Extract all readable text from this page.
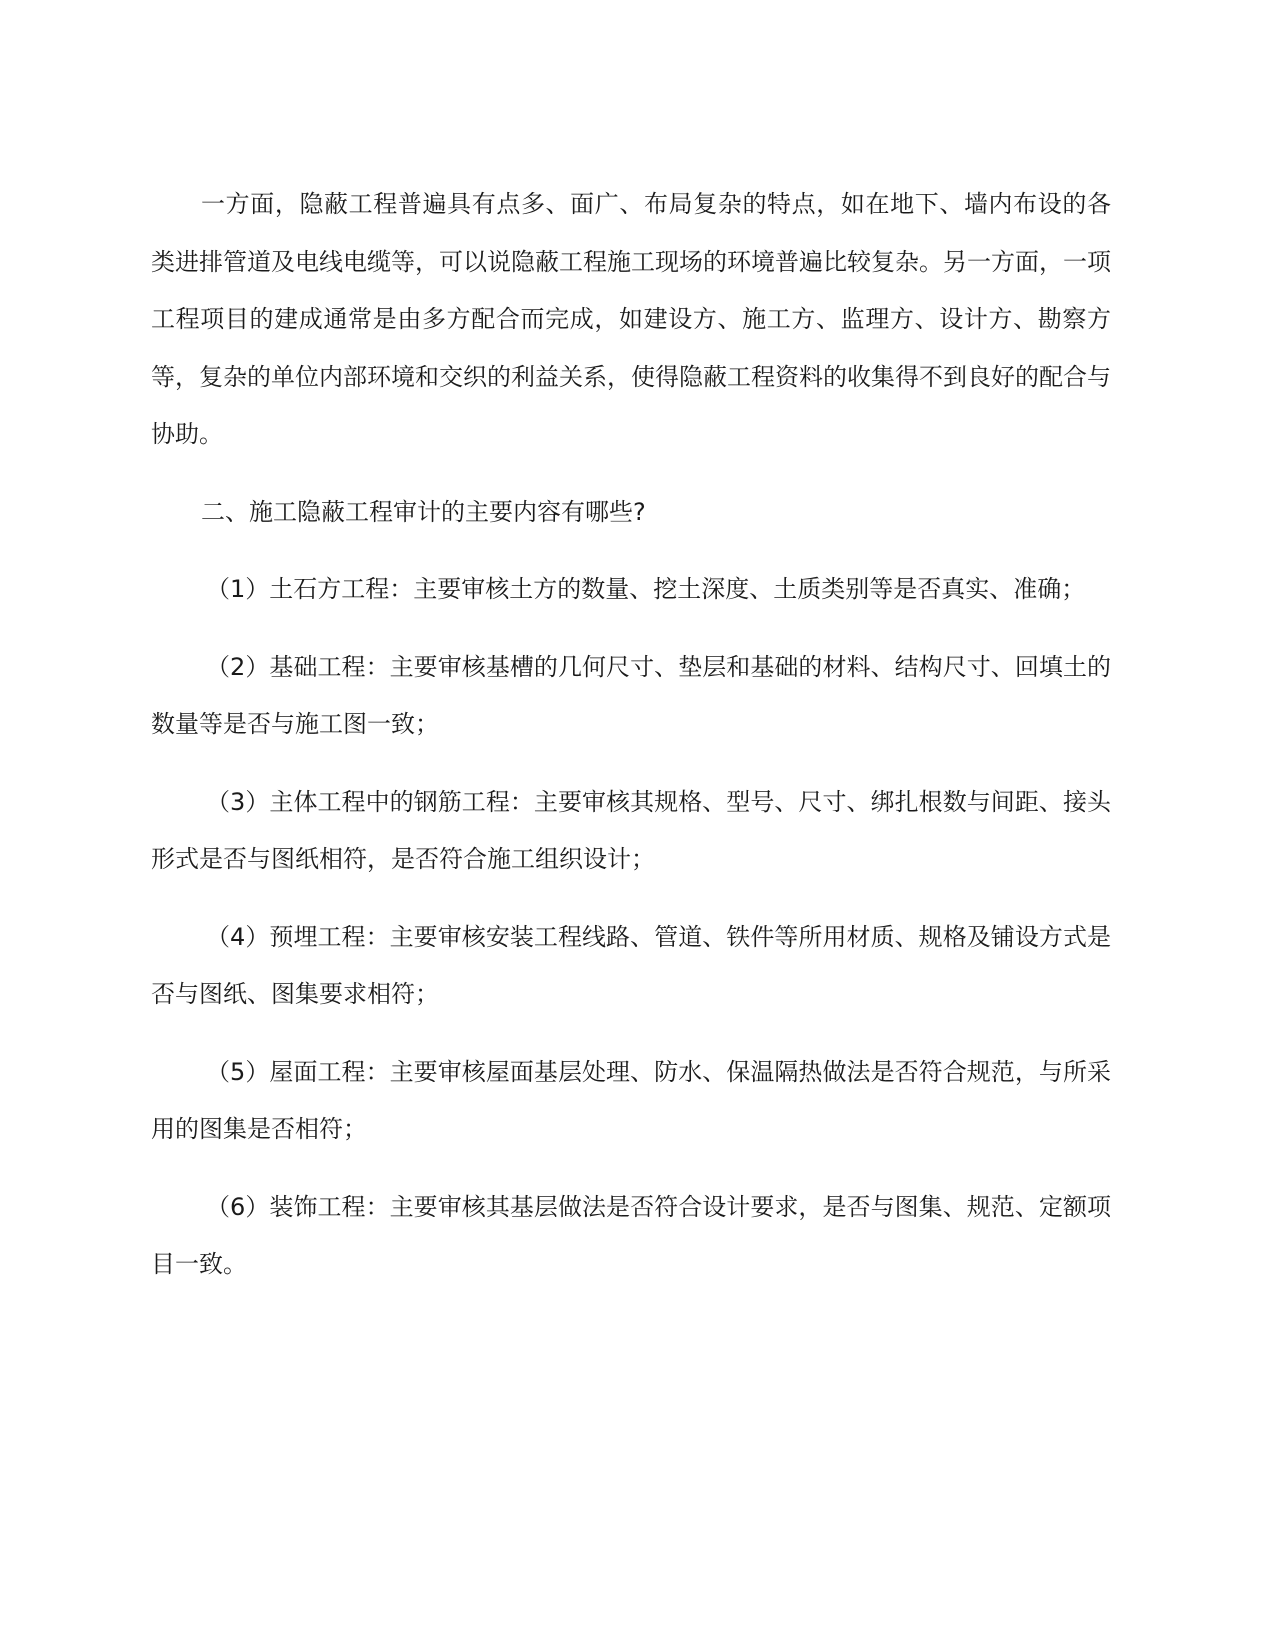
一方面，隐蔽工程普遍具有点多、面广、布局复杂的特点，如在地下、墙内布设的各类进排管道及电线电缆等，可以说隐蔽工程施工现场的环境普遍比较复杂。另一方面，一项工程项目的建成通常是由多方配合而完成，如建设方、施工方、监理方、设计方、勘察方等，复杂的单位内部环境和交织的利益关系，使得隐蔽工程资料的收集得不到良好的配合与协助。

二、施工隐蔽工程审计的主要内容有哪些?

（1）土石方工程：主要审核土方的数量、挖土深度、土质类别等是否真实、准确；

（2）基础工程：主要审核基槽的几何尺寸、垫层和基础的材料、结构尺寸、回填土的数量等是否与施工图一致；

（3）主体工程中的钢筋工程：主要审核其规格、型号、尺寸、绑扎根数与间距、接头形式是否与图纸相符，是否符合施工组织设计；

（4）预埋工程：主要审核安装工程线路、管道、铁件等所用材质、规格及铺设方式是否与图纸、图集要求相符；

（5）屋面工程：主要审核屋面基层处理、防水、保温隔热做法是否符合规范，与所采用的图集是否相符；

（6）装饰工程：主要审核其基层做法是否符合设计要求，是否与图集、规范、定额项目一致。
